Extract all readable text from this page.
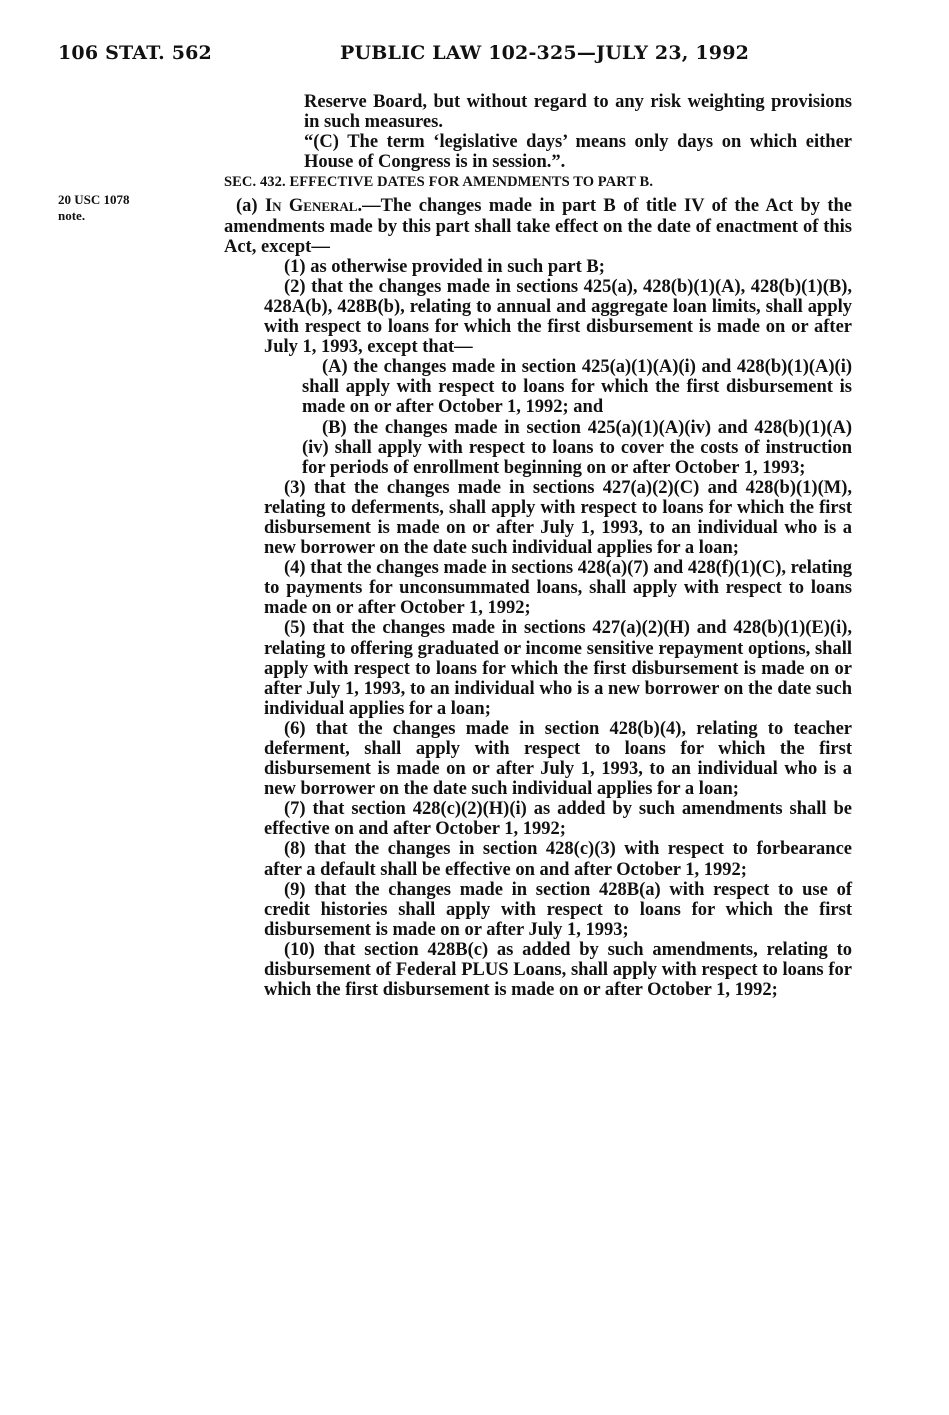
106 STAT. 562	PUBLIC LAW 102-325—JULY 23, 1992
20 USC 1078
note.

Reserve Board, but without regard to any risk weighting provisions in such measures.

“(C) The term ‘legislative days’ means only days on which either House of Congress is in session.”.

SEC. 432. EFFECTIVE DATES FOR AMENDMENTS TO PART B.

(a) In General.—The changes made in part B of title IV of the Act by the amendments made by this part shall take effect on the date of enactment of this Act, except—

(1) as otherwise provided in such part B;

(2) that the changes made in sections 425(a), 428(b)(1)(A), 428(b)(1)(B), 428A(b), 428B(b), relating to annual and aggregate loan limits, shall apply with respect to loans for which the first disbursement is made on or after July 1, 1993, except that—

(A) the changes made in section 425(a)(1)(A)(i) and 428(b)(1)(A)(i) shall apply with respect to loans for which the first disbursement is made on or after October 1, 1992; and

(B) the changes made in section 425(a)(1)(A)(iv) and 428(b)(1)(A)(iv) shall apply with respect to loans to cover the costs of instruction for periods of enrollment beginning on or after October 1, 1993;

(3) that the changes made in sections 427(a)(2)(C) and 428(b)(1)(M), relating to deferments, shall apply with respect to loans for which the first disbursement is made on or after July 1, 1993, to an individual who is a new borrower on the date such individual applies for a loan;

(4) that the changes made in sections 428(a)(7) and 428(f)(1)(C), relating to payments for unconsummated loans, shall apply with respect to loans made on or after October 1, 1992;

(5) that the changes made in sections 427(a)(2)(H) and 428(b)(1)(E)(i), relating to offering graduated or income sensitive repayment options, shall apply with respect to loans for which the first disbursement is made on or after July 1, 1993, to an individual who is a new borrower on the date such individual applies for a loan;

(6) that the changes made in section 428(b)(4), relating to teacher deferment, shall apply with respect to loans for which the first disbursement is made on or after July 1, 1993, to an individual who is a new borrower on the date such individual applies for a loan;

(7) that section 428(c)(2)(H)(i) as added by such amendments shall be effective on and after October 1, 1992;

(8) that the changes in section 428(c)(3) with respect to forbearance after a default shall be effective on and after October 1, 1992;

(9) that the changes made in section 428B(a) with respect to use of credit histories shall apply with respect to loans for which the first disbursement is made on or after July 1, 1993;

(10) that section 428B(c) as added by such amendments, relating to disbursement of Federal PLUS Loans, shall apply with respect to loans for which the first disbursement is made on or after October 1, 1992;
